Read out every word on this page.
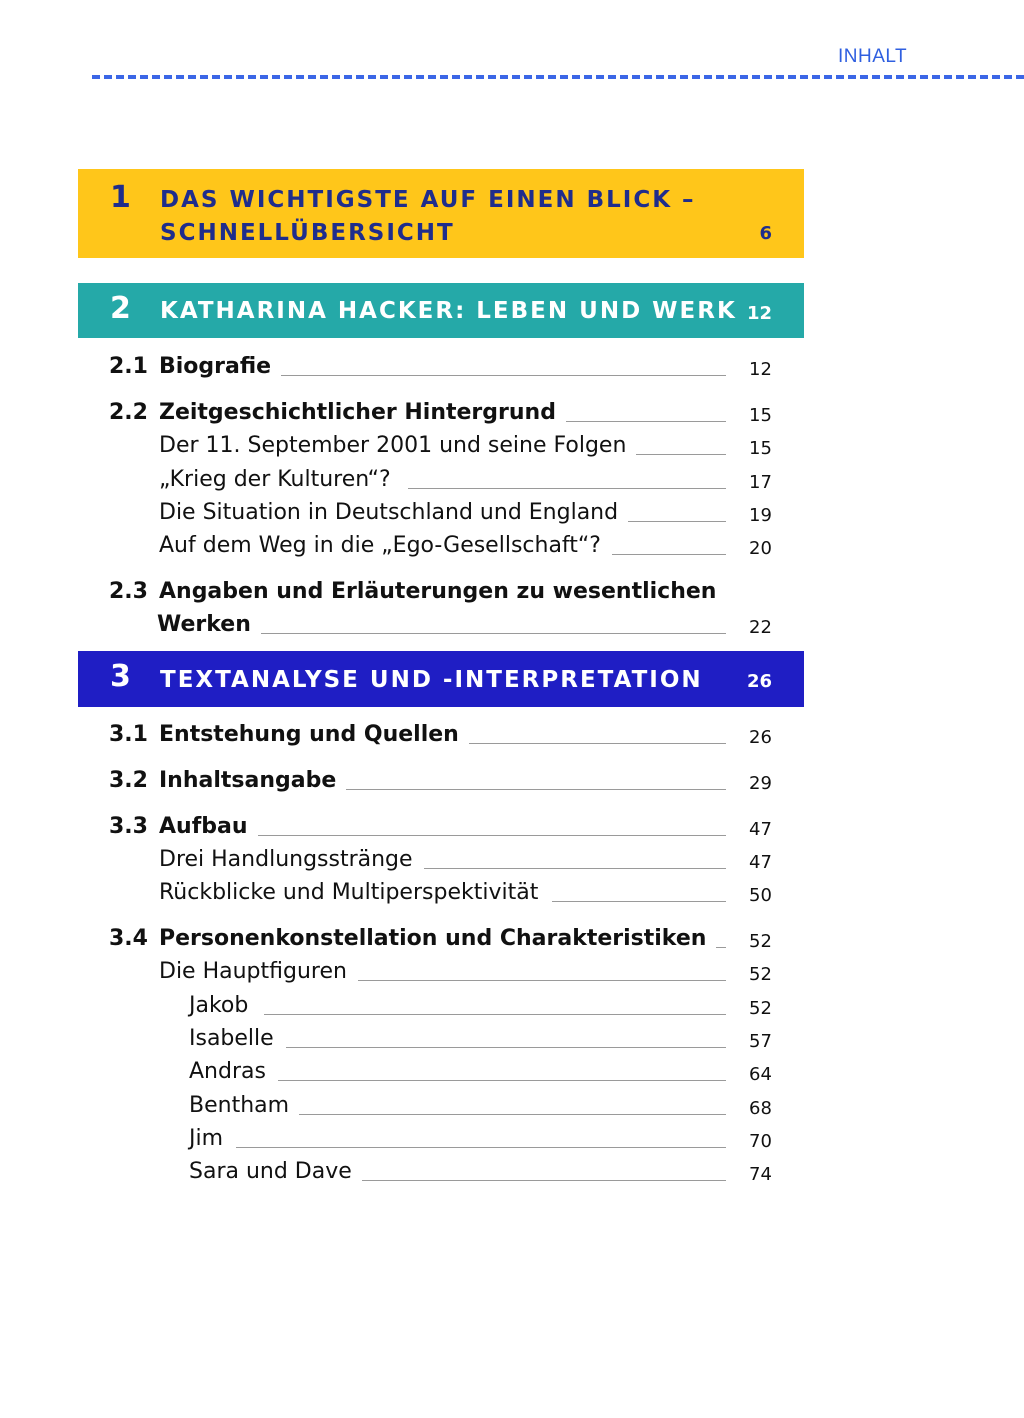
INHALT
1 DAS WICHTIGSTE AUF EINEN BLICK –
SCHNELLÜBERSICHT	6
2 KATHARINA HACKER: LEBEN UND WERK 12
2.1 Biografie	12
2.2 Zeitgeschichtlicher Hintergrund	15
Der 11. September 2001 und seine Folgen	15
„Krieg der Kulturen“?	17
Die Situation in Deutschland und England	19
Auf dem Weg in die „Ego-Gesellschaft“?	20
2.3 Angaben und Erläuterungen zu wesentlichen
Werken	22
3 TEXTANALYSE UND -INTERPRETATION 26
3.1 Entstehung und Quellen	26
3.2 Inhaltsangabe	29
3.3 Aufbau	47
Drei Handlungsstränge	47
Rückblicke und Multiperspektivität	50
3.4 Personenkonstellation und Charakteristiken	52
Die Hauptfiguren	52
Jakob	52
Isabelle	57
Andras	64
Bentham	68
Jim	70
Sara und Dave	74
